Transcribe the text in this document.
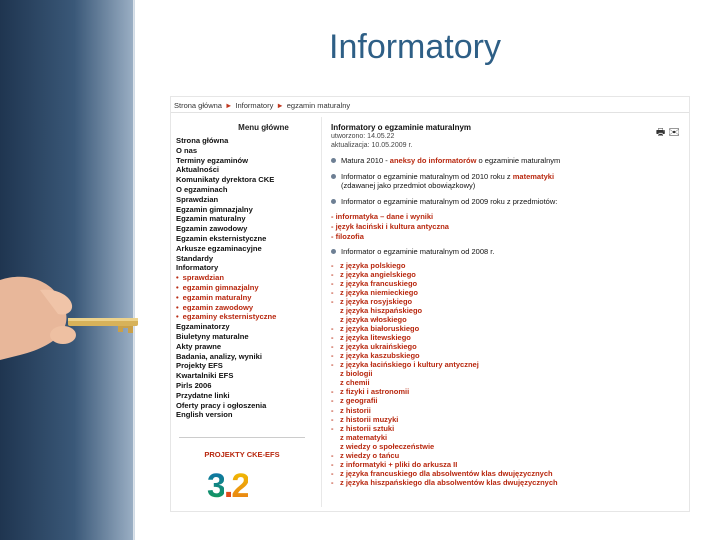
Informatory
Strona główna ► Informatory ► egzamin maturalny
Menu główne
Strona główna
O nas
Terminy egzaminów
Aktualności
Komunikaty dyrektora CKE
O egzaminach
Sprawdzian
Egzamin gimnazjalny
Egzamin maturalny
Egzamin zawodowy
Egzamin eksternistyczne
Arkusze egzaminacyjne
Standardy
Informatory
• sprawdzian
• egzamin gimnazjalny
• egzamin maturalny
• egzamin zawodowy
• egzaminy eksternistyczne
Egzaminatorzy
Biuletyny maturalne
Akty prawne
Badania, analizy, wyniki
Projekty EFS
Kwartalniki EFS
Pirls 2006
Przydatne linki
Oferty pracy i ogłoszenia
English version
PROJEKTY CKE-EFS
3.2
🖶✉
Informatory o egzaminie maturalnym
utworzono: 14.05.22
aktualizacja: 10.05.2009 r.
Matura 2010 - aneksy do informatorów o egzaminie maturalnym
Informator o egzaminie maturalnym od 2010 roku z matematyki
(zdawanej jako przedmiot obowiązkowy)
Informator o egzaminie maturalnym od 2009 roku z przedmiotów:
- informatyka – dane i wyniki
- język łaciński i kultura antyczna
- filozofia
Informator o egzaminie maturalnym od 2008 r.
- z języka polskiego
- z języka angielskiego
- z języka francuskiego
- z języka niemieckiego
- z języka rosyjskiego
z języka hiszpańskiego
z języka włoskiego
- z języka białoruskiego
- z języka litewskiego
- z języka ukraińskiego
- z języka kaszubskiego
- z języka łacińskiego i kultury antycznej
z biologii
z chemii
- z fizyki i astronomii
- z geografii
- z historii
- z historii muzyki
- z historii sztuki
z matematyki
z wiedzy o społeczeństwie
- z wiedzy o tańcu
- z informatyki + pliki do arkusza II
- z języka francuskiego dla absolwentów klas dwujęzycznych
- z języka hiszpańskiego dla absolwentów klas dwujęzycznych
